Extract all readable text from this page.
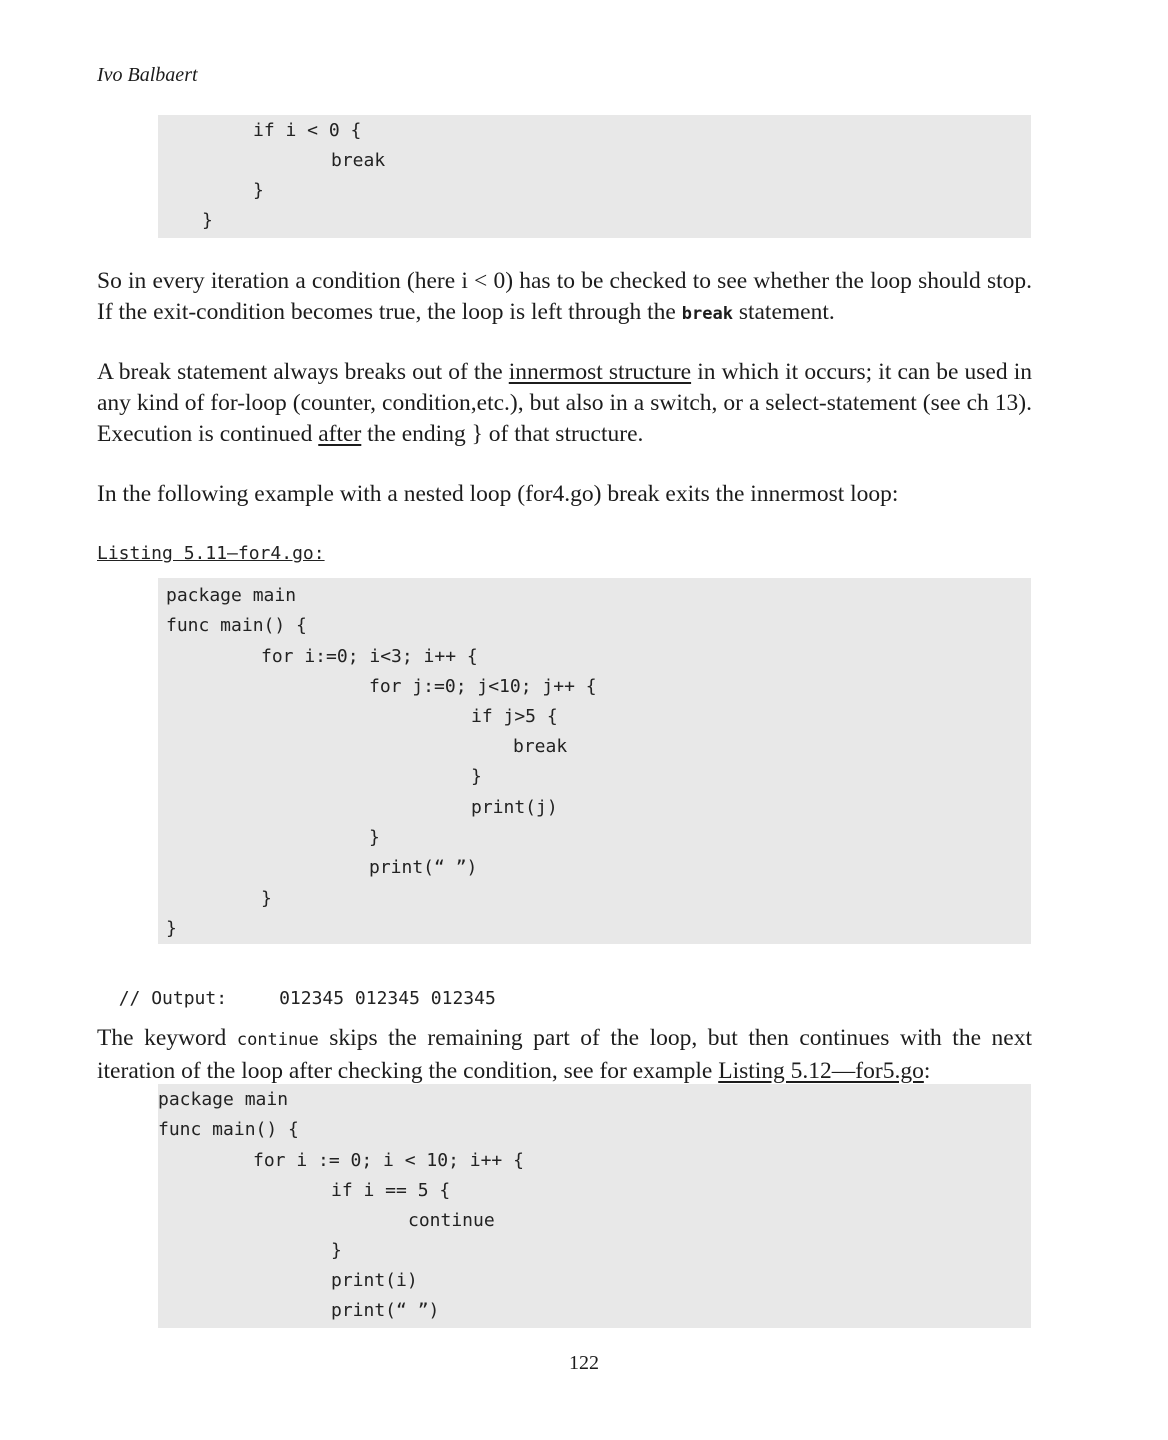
Ivo Balbaert
if i < 0 {
break
}
}
So in every iteration a condition (here i < 0) has to be checked to see whether the loop should stop. If the exit-condition becomes true, the loop is left through the break statement.
A break statement always breaks out of the innermost structure in which it occurs; it can be used in any kind of for-loop (counter, condition,etc.), but also in a switch, or a select-statement (see ch 13). Execution is continued after the ending } of that structure.
In the following example with a nested loop (for4.go) break exits the innermost loop:
Listing 5.11—for4.go:
package main
func main() {
for i:=0; i<3; i++ {
for j:=0; j<10; j++ {
if j>5 {
break
}
print(j)
}
print(“ ”)
}
}

// Output:	012345 012345 012345

The keyword continue skips the remaining part of the loop, but then continues with the next iteration of the loop after checking the condition, see for example Listing 5.12—for5.go:
package main
func main() {
for i := 0; i < 10; i++ {
if i == 5 {
continue
}
print(i)
print(“ ”)
122
